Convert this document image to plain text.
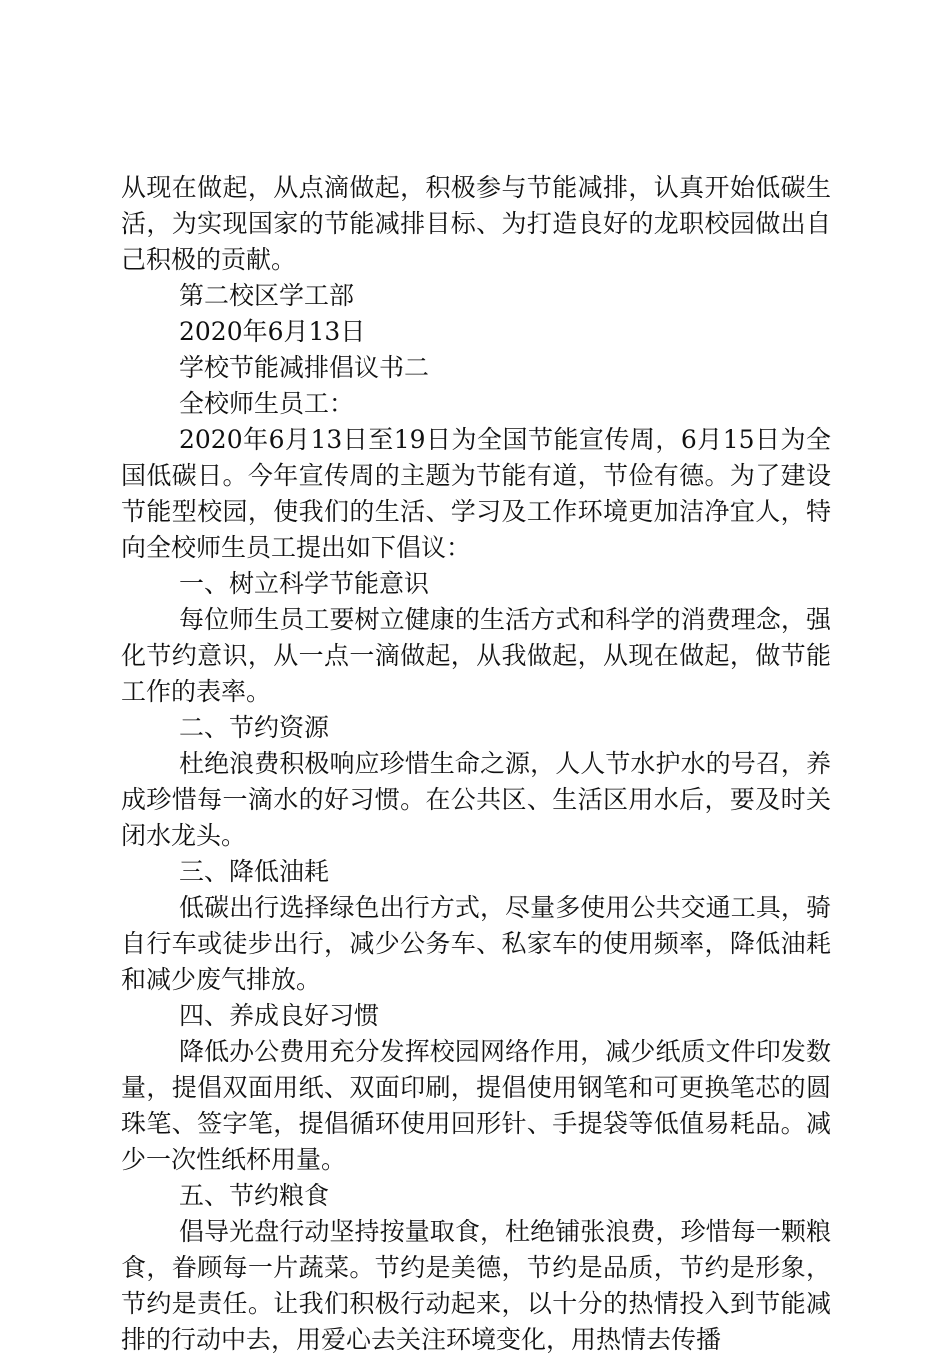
从现在做起，从点滴做起，积极参与节能减排，认真开始低碳生活，为实现国家的节能减排目标、为打造良好的龙职校园做出自己积极的贡献。

第二校区学工部

2020年6月13日

学校节能减排倡议书二

全校师生员工：

2020年6月13日至19日为全国节能宣传周，6月15日为全国低碳日。今年宣传周的主题为节能有道，节俭有德。为了建设节能型校园，使我们的生活、学习及工作环境更加洁净宜人，特向全校师生员工提出如下倡议：

一、树立科学节能意识

每位师生员工要树立健康的生活方式和科学的消费理念，强化节约意识，从一点一滴做起，从我做起，从现在做起，做节能工作的表率。

二、节约资源

杜绝浪费积极响应珍惜生命之源，人人节水护水的号召，养成珍惜每一滴水的好习惯。在公共区、生活区用水后，要及时关闭水龙头。

三、降低油耗

低碳出行选择绿色出行方式，尽量多使用公共交通工具，骑自行车或徒步出行，减少公务车、私家车的使用频率，降低油耗和减少废气排放。

四、养成良好习惯

降低办公费用充分发挥校园网络作用，减少纸质文件印发数量，提倡双面用纸、双面印刷，提倡使用钢笔和可更换笔芯的圆珠笔、签字笔，提倡循环使用回形针、手提袋等低值易耗品。减少一次性纸杯用量。

五、节约粮食

倡导光盘行动坚持按量取食，杜绝铺张浪费，珍惜每一颗粮食，眷顾每一片蔬菜。节约是美德，节约是品质，节约是形象，节约是责任。让我们积极行动起来，以十分的热情投入到节能减排的行动中去，用爱心去关注环境变化，用热情去传播
